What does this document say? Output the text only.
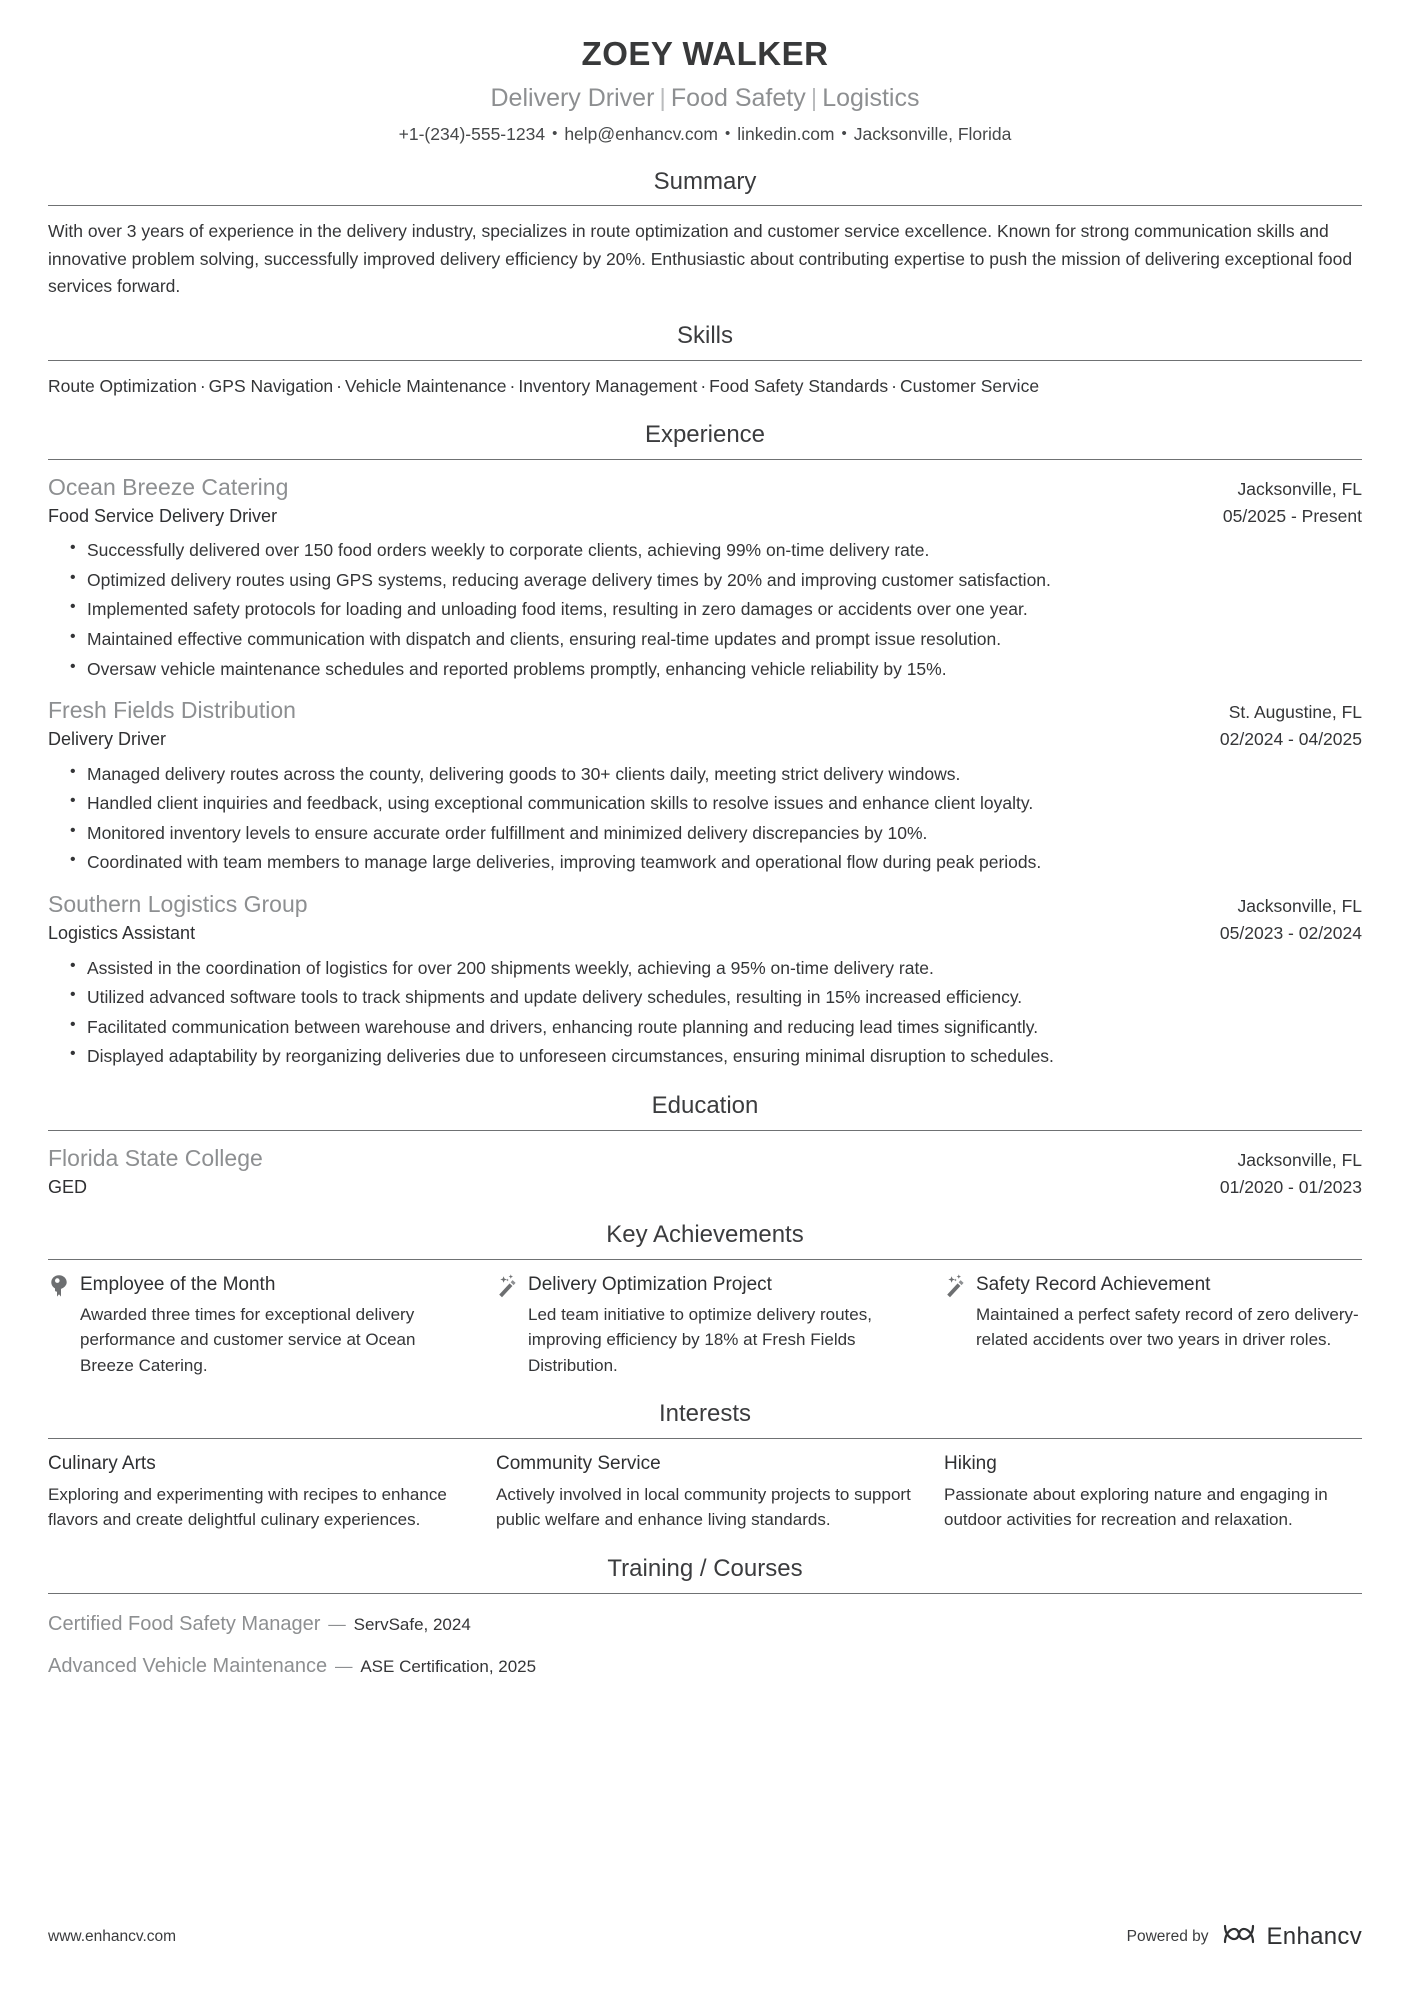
ZOEY WALKER
Delivery Driver | Food Safety | Logistics
+1-(234)-555-1234 • help@enhancv.com • linkedin.com • Jacksonville, Florida
Summary
With over 3 years of experience in the delivery industry, specializes in route optimization and customer service excellence. Known for strong communication skills and innovative problem solving, successfully improved delivery efficiency by 20%. Enthusiastic about contributing expertise to push the mission of delivering exceptional food services forward.
Skills
Route Optimization · GPS Navigation · Vehicle Maintenance · Inventory Management · Food Safety Standards · Customer Service
Experience
Ocean Breeze Catering	Jacksonville, FL
Food Service Delivery Driver	05/2025 - Present
• Successfully delivered over 150 food orders weekly to corporate clients, achieving 99% on-time delivery rate.
• Optimized delivery routes using GPS systems, reducing average delivery times by 20% and improving customer satisfaction.
• Implemented safety protocols for loading and unloading food items, resulting in zero damages or accidents over one year.
• Maintained effective communication with dispatch and clients, ensuring real-time updates and prompt issue resolution.
• Oversaw vehicle maintenance schedules and reported problems promptly, enhancing vehicle reliability by 15%.
Fresh Fields Distribution	St. Augustine, FL
Delivery Driver	02/2024 - 04/2025
• Managed delivery routes across the county, delivering goods to 30+ clients daily, meeting strict delivery windows.
• Handled client inquiries and feedback, using exceptional communication skills to resolve issues and enhance client loyalty.
• Monitored inventory levels to ensure accurate order fulfillment and minimized delivery discrepancies by 10%.
• Coordinated with team members to manage large deliveries, improving teamwork and operational flow during peak periods.
Southern Logistics Group	Jacksonville, FL
Logistics Assistant	05/2023 - 02/2024
• Assisted in the coordination of logistics for over 200 shipments weekly, achieving a 95% on-time delivery rate.
• Utilized advanced software tools to track shipments and update delivery schedules, resulting in 15% increased efficiency.
• Facilitated communication between warehouse and drivers, enhancing route planning and reducing lead times significantly.
• Displayed adaptability by reorganizing deliveries due to unforeseen circumstances, ensuring minimal disruption to schedules.
Education
Florida State College	Jacksonville, FL
GED	01/2020 - 01/2023
Key Achievements
Employee of the Month
Awarded three times for exceptional delivery performance and customer service at Ocean Breeze Catering.
Delivery Optimization Project
Led team initiative to optimize delivery routes, improving efficiency by 18% at Fresh Fields Distribution.
Safety Record Achievement
Maintained a perfect safety record of zero delivery-related accidents over two years in driver roles.
Interests
Culinary Arts
Exploring and experimenting with recipes to enhance flavors and create delightful culinary experiences.
Community Service
Actively involved in local community projects to support public welfare and enhance living standards.
Hiking
Passionate about exploring nature and engaging in outdoor activities for recreation and relaxation.
Training / Courses
Certified Food Safety Manager — ServSafe, 2024
Advanced Vehicle Maintenance — ASE Certification, 2025
www.enhancv.com	Powered by Enhancv
